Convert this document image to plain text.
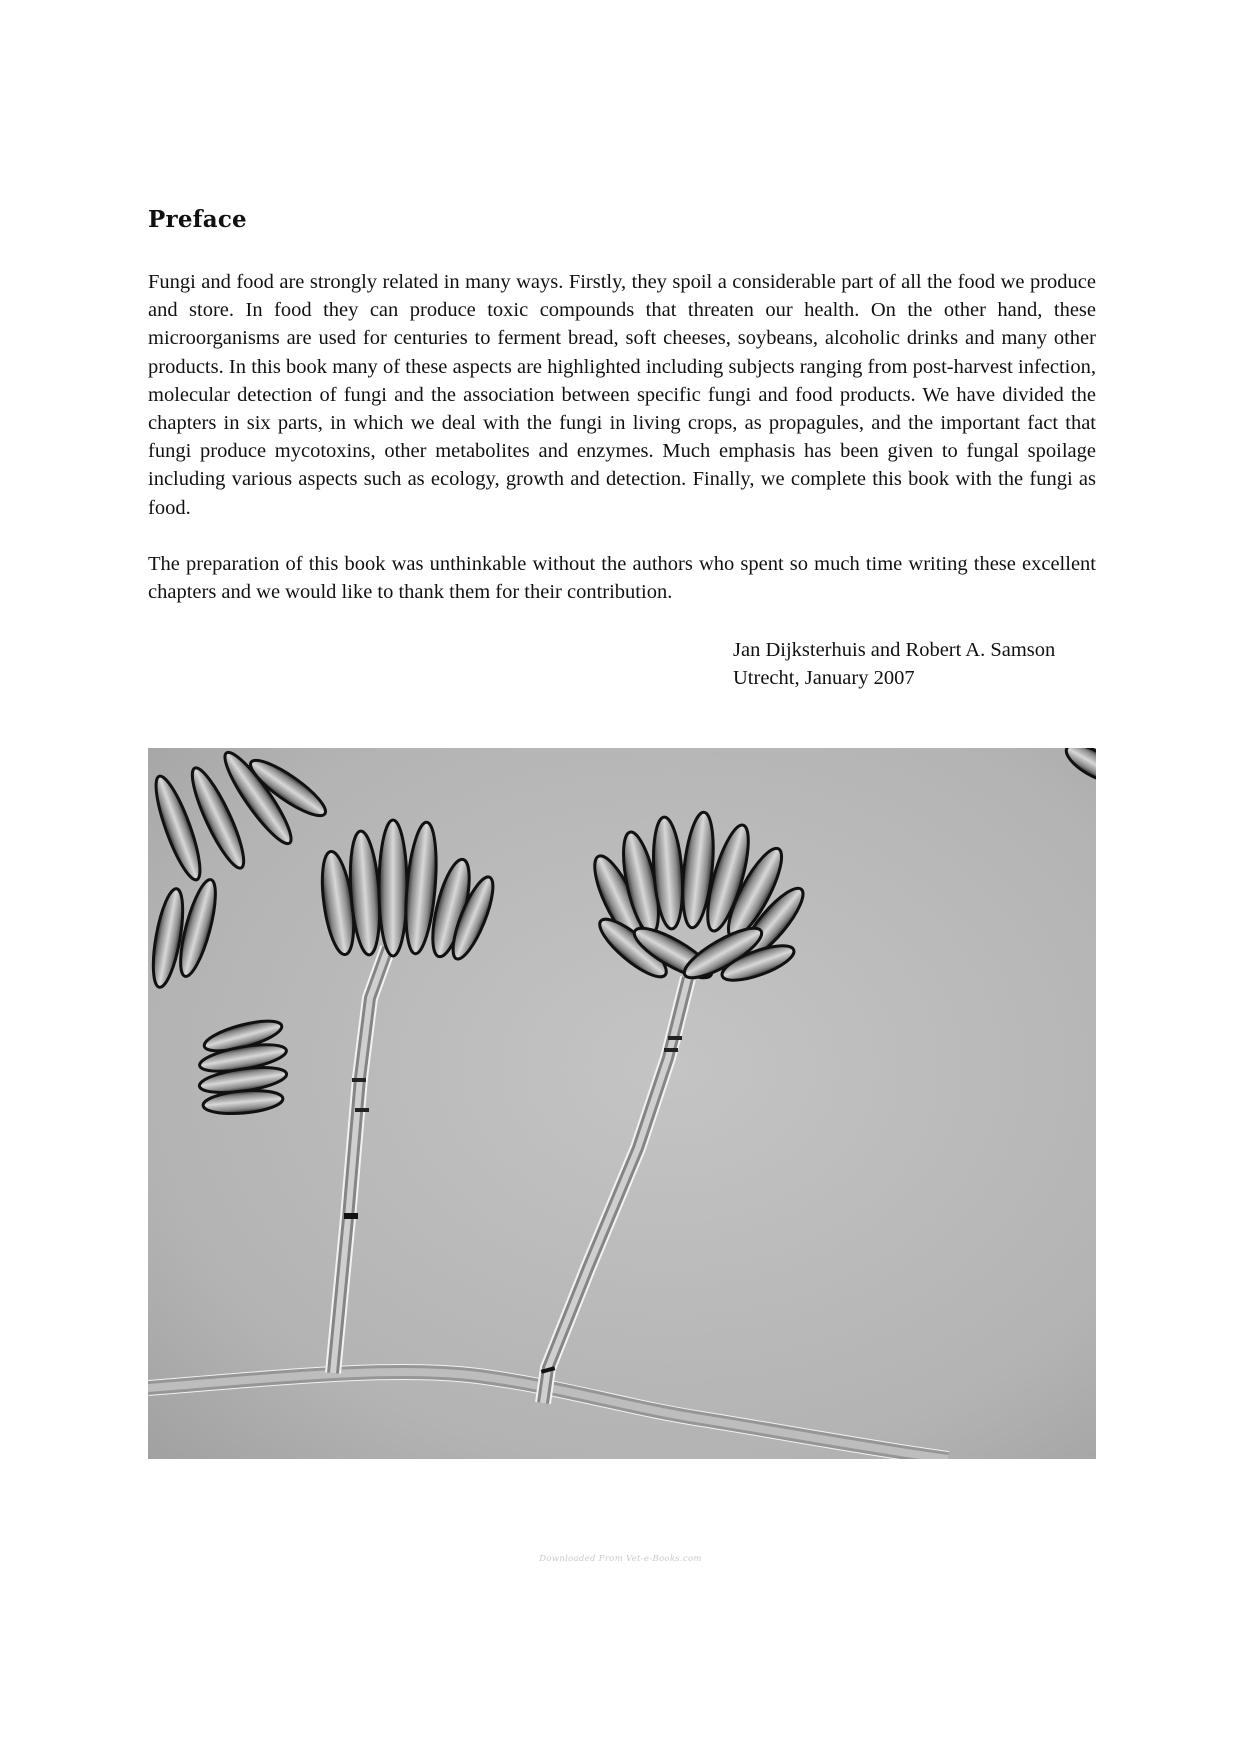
Preface

Fungi and food are strongly related in many ways. Firstly, they spoil a considerable part of all the food we produce and store. In food they can produce toxic compounds that threaten our health. On the other hand, these microorganisms are used for centuries to ferment bread, soft cheeses, soybeans, alcoholic drinks and many other products. In this book many of these aspects are highlighted including subjects ranging from post-harvest infection, molecular detection of fungi and the association between specific fungi and food products. We have divided the chapters in six parts, in which we deal with the fungi in living crops, as propagules, and the important fact that fungi produce mycotoxins, other metabolites and enzymes. Much emphasis has been given to fungal spoilage including various aspects such as ecology, growth and detection. Finally, we complete this book with the fungi as food.

The preparation of this book was unthinkable without the authors who spent so much time writing these excellent chapters and we would like to thank them for their contribution.

Jan Dijksterhuis and Robert A. Samson
Utrecht, January 2007
Downloaded From Vet-e-Books.com
